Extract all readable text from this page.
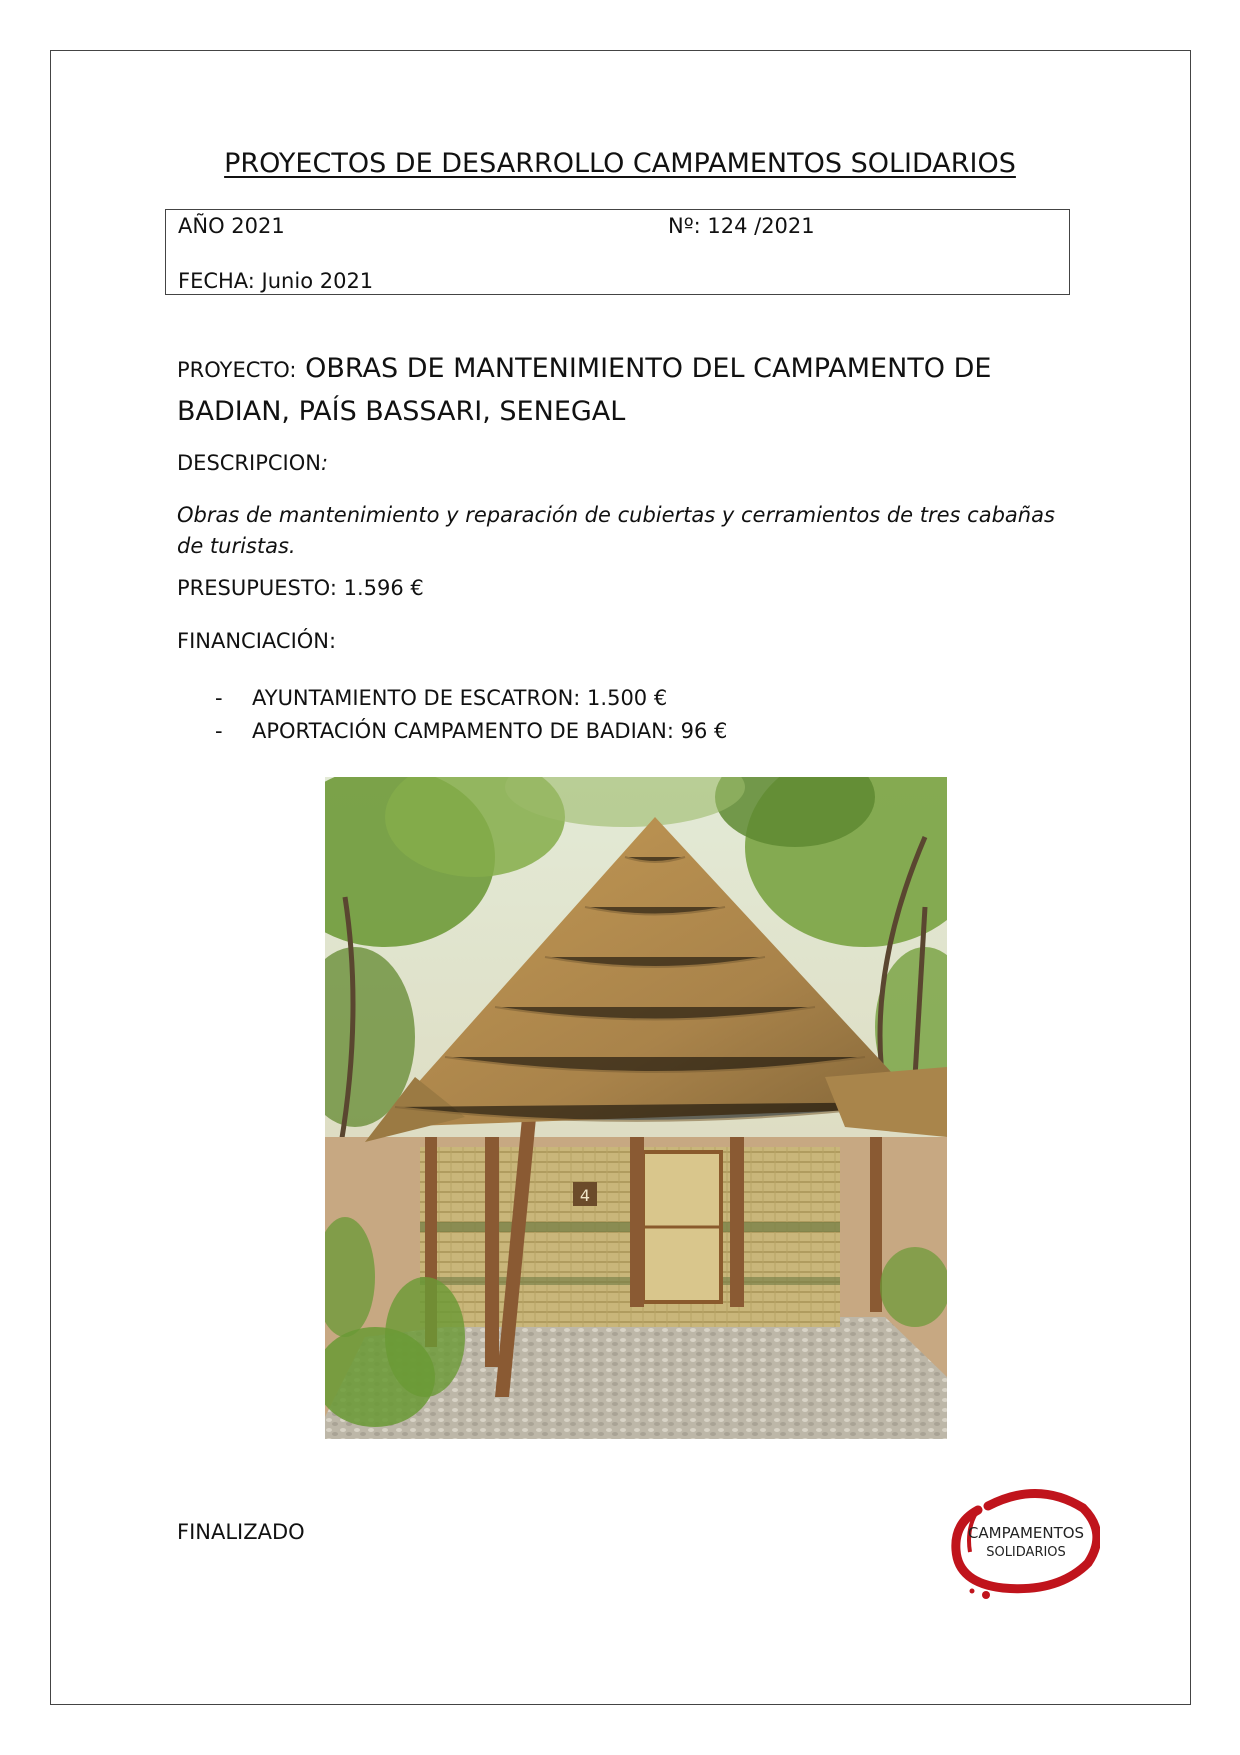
PROYECTOS DE DESARROLLO CAMPAMENTOS SOLIDARIOS
AÑO 2021	Nº: 124 /2021
FECHA: Junio 2021
PROYECTO: OBRAS DE MANTENIMIENTO DEL CAMPAMENTO DE BADIAN, PAÍS BASSARI, SENEGAL
DESCRIPCION:
Obras de mantenimiento y reparación de cubiertas y cerramientos de tres cabañas de turistas.
PRESUPUESTO: 1.596 €
FINANCIACIÓN:
- AYUNTAMIENTO DE ESCATRON: 1.500 €
- APORTACIÓN CAMPAMENTO DE BADIAN: 96 €
4
FINALIZADO	CAMPAMENTOS
SOLIDARIOS
